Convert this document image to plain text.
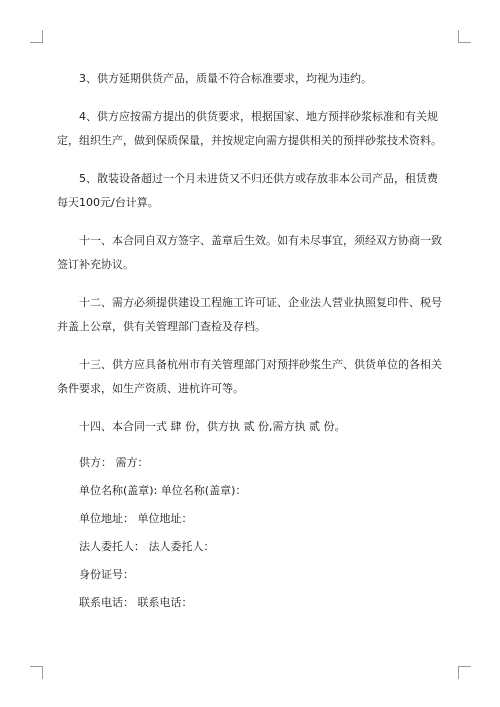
3、供方延期供货产品，质量不符合标准要求，均视为违约。

4、供方应按需方提出的供货要求，根据国家、地方预拌砂浆标准和有关规定，组织生产，做到保质保量，并按规定向需方提供相关的预拌砂浆技术资料。

5、散装设备超过一个月未进货又不归还供方或存放非本公司产品，租赁费每天100元/台计算。

十一、本合同自双方签字、盖章后生效。如有未尽事宜，须经双方协商一致签订补充协议。

十二、需方必须提供建设工程施工许可证、企业法人营业执照复印件、税号并盖上公章，供有关管理部门查检及存档。

十三、供方应具备杭州市有关管理部门对预拌砂浆生产、供货单位的各相关条件要求，如生产资质、进杭许可等。

十四、本合同一式 肆 份，供方执 贰 份,需方执 贰 份。

供方： 需方：

单位名称(盖章): 单位名称(盖章)：

单位地址： 单位地址：

法人委托人： 法人委托人：

身份证号：

联系电话： 联系电话：
